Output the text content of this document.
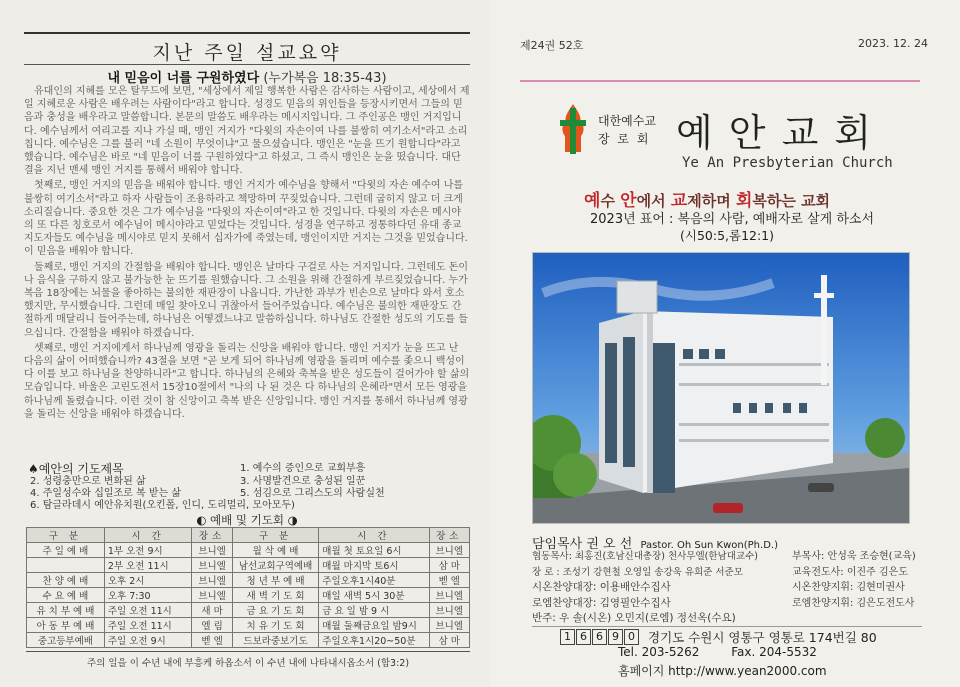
지난 주일 설교요약
내 믿음이 너를 구원하였다 (누가복음 18:35-43)

유대인의 지혜를 모은 탈무드에 보면, "세상에서 제일 행복한 사람은 감사하는 사람이고, 세상에서 제일 지혜로운 사람은 배우려는 사람이다"라고 합니다. 성경도 믿음의 위인들을 등장시키면서 그들의 믿음과 충성을 배우라고 말씀합니다. 본문의 말씀도 배우라는 메시지입니다. 그 주인공은 맹인 거지입니다. 예수님께서 여리고를 지나 가실 때, 맹인 거지가 "다윗의 자손이여 나를 불쌍히 여기소서"라고 소리칩니다. 예수님은 그를 불러 "네 소원이 무엇이냐"고 물으셨습니다. 맹인은 "눈을 뜨기 원합니다"라고 했습니다. 예수님은 바로 "네 믿음이 너를 구원하였다"고 하셨고, 그 즉시 맹인은 눈을 떴습니다. 대단결을 지닌 맨세 맹인 거지를 통해서 배워야 합니다.

첫째로, 맹인 거지의 믿음을 배워야 합니다. 맹인 거지가 예수님을 향해서 "다윗의 자손 예수여 나를 불쌍히 여기소서"라고 하자 사람들이 조용하라고 책망하며 꾸짖었습니다. 그런데 굽히지 않고 더 크게 소리질습니다. 중요한 것은 그가 예수님을 "다윗의 자손이여"라고 한 것입니다. 다윗의 자손은 메시야의 또 다른 칭호로서 예수님이 메시야라고 믿었다는 것입니다. 성경을 연구하고 정통하다던 유대 종교 지도자들도 예수님을 메시야로 믿지 못해서 십자가에 죽였는데, 맹인이지만 거지는 그것을 믿었습니다. 이 믿음을 배워야 합니다.

둘째로, 맹인 거지의 간절함을 배워야 합니다. 맹인은 날마다 구걸로 사는 거지입니다. 그런데도 돈이나 음식을 구하지 않고 불가능한 눈 뜨기를 원했습니다. 그 소원을 위해 간절하게 부르짖었습니다. 누가복음 18장에는 뇌물을 좋아하는 불의한 재판장이 나옵니다. 가난한 과부가 빈손으로 날마다 와서 호소했지만, 무시했습니다. 그런데 매일 찾아오니 귀찮아서 들어주었습니다. 예수님은 불의한 재판장도 간절하게 매달리니 들어주는데, 하나님은 어떻겠느냐고 말씀하십니다. 하나님도 간절한 성도의 기도를 들으십니다. 간절함을 배워야 하겠습니다.

셋째로, 맹인 거지에게서 하나님께 영광을 돌리는 신앙을 배워야 합니다. 맹인 거지가 눈을 뜨고 난 다음의 삶이 어떠했습니까? 43절을 보면 "곧 보게 되어 하나님께 영광을 돌리며 예수를 좇으니 백성이 다 이를 보고 하나님을 찬양하니라"고 합니다. 하나님의 은혜와 축복을 받은 성도들이 걸어가야 할 삶의 모습입니다. 바울은 고린도전서 15장10절에서 "나의 나 된 것은 다 하나님의 은혜라"면서 모든 영광을 하나님께 돌렸습니다. 이런 것이 참 신앙이고 축복 받은 신앙입니다. 맹인 거지를 통해서 하나님께 영광을 돌리는 신앙을 배워야 하겠습니다.

♠예안의 기도제목	1. 예수의 증인으로 교회부흥
2. 성령충만으로 변화된 삶	3. 사명발견으로 충성된 일꾼
4. 주일성수와 십일조로 복 받는 삶	5. 섬김으로 그리스도의 사람실천
6. 탐글라데시 예안유치원(오킨폴, 인디, 도리멀리, 모아모두)
◐ 예배 및 기도회 ◑
구 분	시 간	장소	구 분	시 간	장소
주 일 예 배	1부 오전 9시	브니엘	월 삭 예 배	매월 첫 토요일 6시	브니엘
	2부 오전 11시	브니엘	남선교회구역예배	매월 마지막 토6시	삼 마
찬 양 예 배	오후 2시	브니엘	청 년 부 예 배	주일오후1시40분	벧 엘
수 요 예 배	오후 7:30	브니엘	새 벽 기 도 회	매일 새벽 5시 30분	브니엘
유 치 부 예 배	주일 오전 11시	새 마	금 요 기 도 회	금 요 일 밤 9 시	브니엘
아 동 부 예 배	주일 오전 11시	엘 림	치 유 기 도 회	매월 둘째금요일 밤9시	브니엘
중고등부예배	주일 오전 9시	벧 엘	드보라중보기도	주일오후1시20~50분	삼 마
주의 일을 이 수년 내에 부흥케 하옵소서 이 수년 내에 나타내시옵소서 (합3:2)
제24권 52호	2023. 12. 24
대한예수교
장 로 회 예 안 교 회
Ye An Presbyterian Church
예수 안에서 교제하며 회복하는 교회
2023년 표어 : 복음의 사람, 예배자로 살게 하소서
(시50:5,롬12:1)
담임목사 권 오 선 Pastor. Oh Sun Kwon(Ph.D.)
협동목사: 최홍진(호남신대총장) 천사무엘(한남대교수)
장 로 : 조성기 강현철 오영일 송강욱 유희준 서준모
시온찬양대장: 이용배안수집사
로엠찬양대장: 김영필안수집사
반주: 우 솔(시온) 오민지(로엠) 정선옥(수요)
부목사: 안성욱 조승현(교육)
교육전도사: 이진주 김은도
시온찬양지휘: 김현미권사
로엠찬양지휘: 김은도전도사
1 6 6 9 0	경기도 수원시 영통구 영통로 174번길 80
Tel. 203-5262	Fax. 204-5532
홈페이지 http://www.yean2000.com
